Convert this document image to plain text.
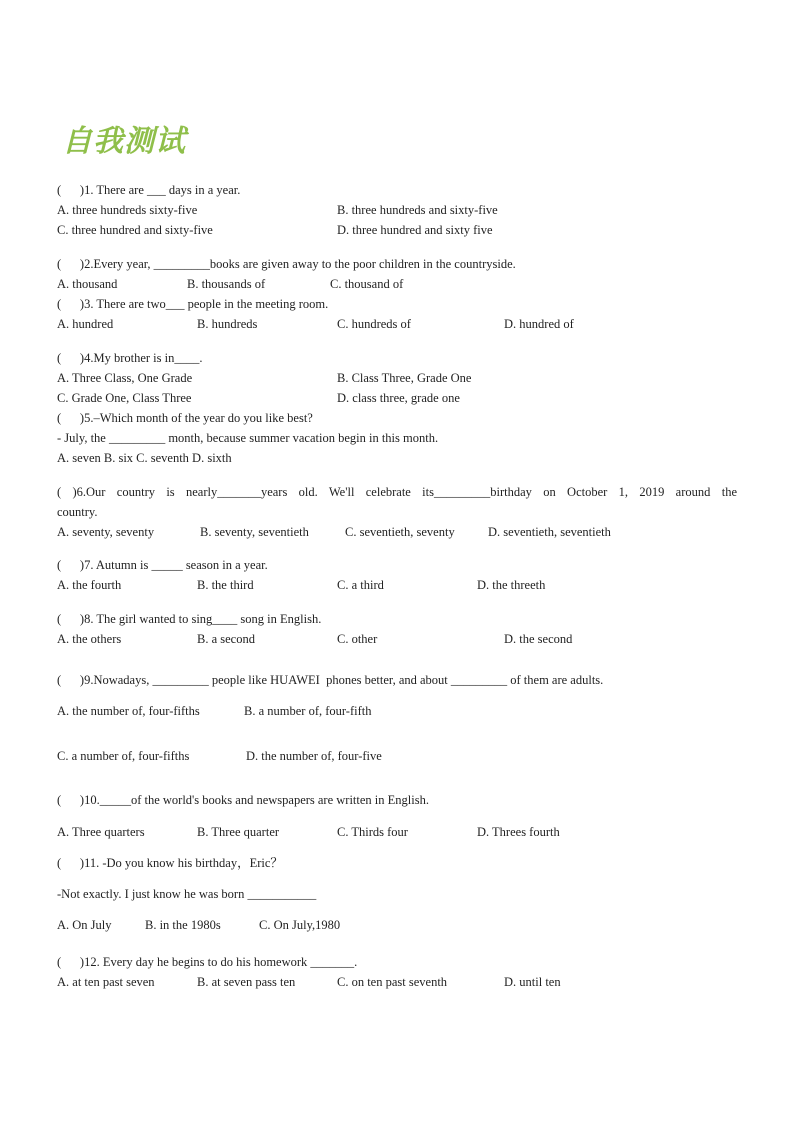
自我测试
(      )1. There are ___ days in a year.
A. three hundreds sixty-five	B. three hundreds and sixty-five
C. three hundred and sixty-five	D. three hundred and sixty five
(      )2.Every year, _________books are given away to the poor children in the countryside.
A. thousand	B. thousands of	C. thousand of
(      )3. There are two___ people in the meeting room.
A. hundred	B. hundreds	C. hundreds of	D. hundred of
(      )4.My brother is in____.
A. Three Class, One Grade	B. Class Three, Grade One
C. Grade One, Class Three	D. class three, grade one
(      )5.–Which month of the year do you like best?
- July, the _________ month, because summer vacation begin in this month.
A. seven B. six C. seventh D. sixth
( )6.Our country is nearly_______years old. We'll celebrate its_________birthday on October 1, 2019 around the
country.
A. seventy, seventy	B. seventy, seventieth	C. seventieth, seventy	D. seventieth, seventieth
(      )7. Autumn is _____ season in a year.
A. the fourth	B. the third	C. a third	D. the threeth
(      )8. The girl wanted to sing____ song in English.
A. the others	B. a second	C. other	D. the second
(      )9.Nowadays, _________ people like HUAWEI  phones better, and about _________ of them are adults.
A. the number of, four-fifths	B. a number of, four-fifth
C. a number of, four-fifths	D. the number of, four-five
(      )10._____of the world's books and newspapers are written in English.
A. Three quarters	B. Three quarter	C. Thirds four	D. Threes fourth
(      )11. -Do you know his birthday，Eric？
-Not exactly. I just know he was born ___________
A. On July	B. in the 1980s	C. On July,1980
(      )12. Every day he begins to do his homework _______.
A. at ten past seven	B. at seven pass ten	C. on ten past seventh	D. until ten
